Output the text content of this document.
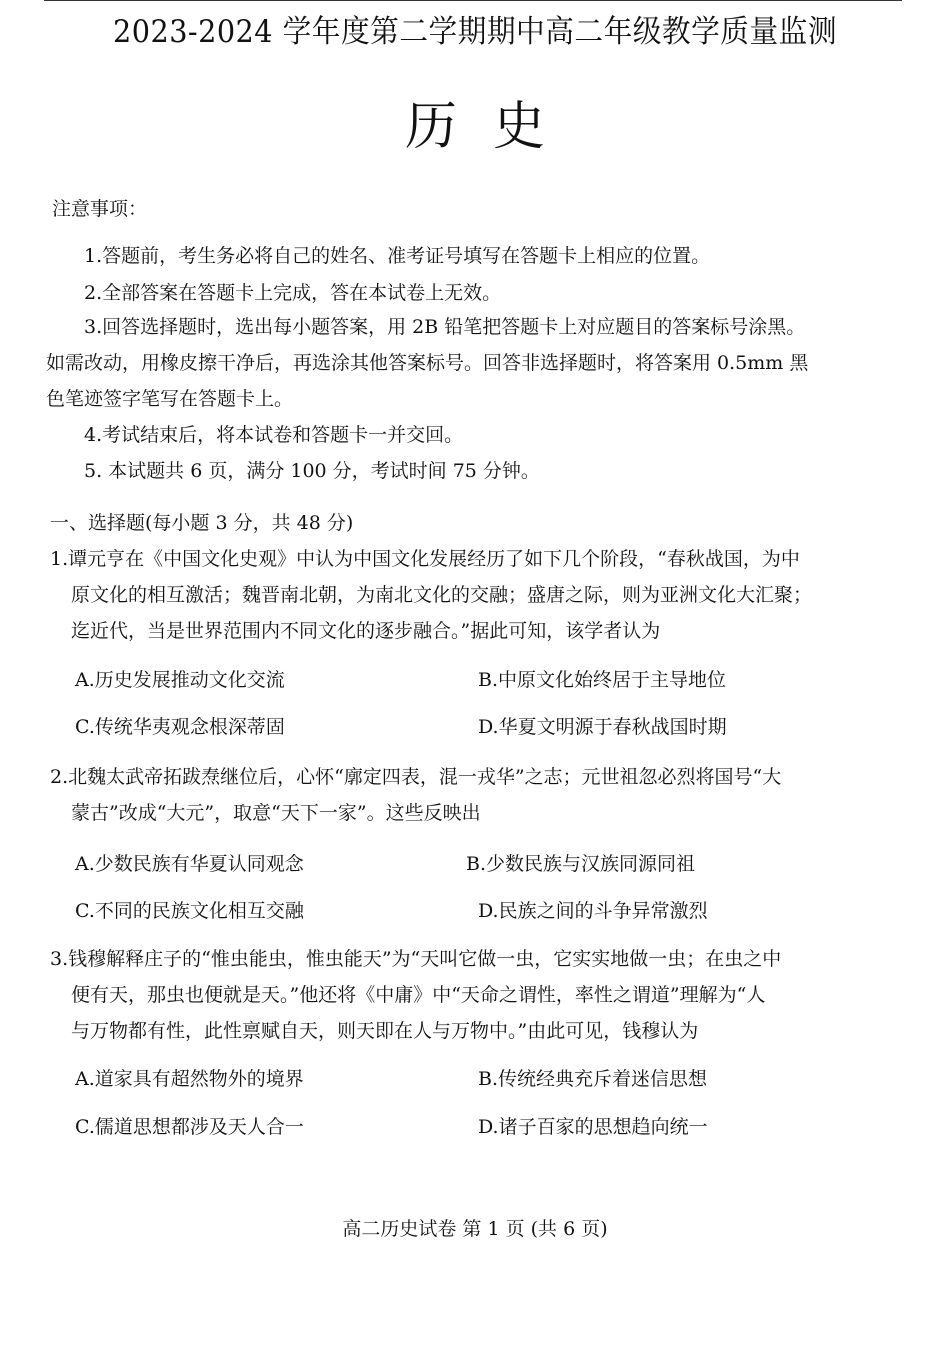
2023-2024 学年度第二学期期中高二年级教学质量监测
历史
注意事项：
1.答题前，考生务必将自己的姓名、准考证号填写在答题卡上相应的位置。
2.全部答案在答题卡上完成，答在本试卷上无效。
3.回答选择题时，选出每小题答案，用 2B 铅笔把答题卡上对应题目的答案标号涂黑。
如需改动，用橡皮擦干净后，再选涂其他答案标号。回答非选择题时，将答案用 0.5mm 黑
色笔迹签字笔写在答题卡上。
4.考试结束后，将本试卷和答题卡一并交回。
5. 本试题共 6 页，满分 100 分，考试时间 75 分钟。
一、选择题(每小题 3 分，共 48 分)
1.谭元亨在《中国文化史观》中认为中国文化发展经历了如下几个阶段，“春秋战国，为中
原文化的相互激活；魏晋南北朝，为南北文化的交融；盛唐之际，则为亚洲文化大汇聚；
迄近代，当是世界范围内不同文化的逐步融合。”据此可知，该学者认为
A.历史发展推动文化交流	B.中原文化始终居于主导地位
C.传统华夷观念根深蒂固	D.华夏文明源于春秋战国时期
2.北魏太武帝拓跋焘继位后，心怀“廓定四表，混一戎华”之志；元世祖忽必烈将国号“大
蒙古”改成“大元”，取意“天下一家”。这些反映出
A.少数民族有华夏认同观念	B.少数民族与汉族同源同祖
C.不同的民族文化相互交融	D.民族之间的斗争异常激烈
3.钱穆解释庄子的“惟虫能虫，惟虫能天”为“天叫它做一虫，它实实地做一虫；在虫之中
便有天，那虫也便就是天。”他还将《中庸》中“天命之谓性，率性之谓道”理解为“人
与万物都有性，此性禀赋自天，则天即在人与万物中。”由此可见，钱穆认为
A.道家具有超然物外的境界	B.传统经典充斥着迷信思想
C.儒道思想都涉及天人合一	D.诸子百家的思想趋向统一
高二历史试卷 第 1 页 (共 6 页)
